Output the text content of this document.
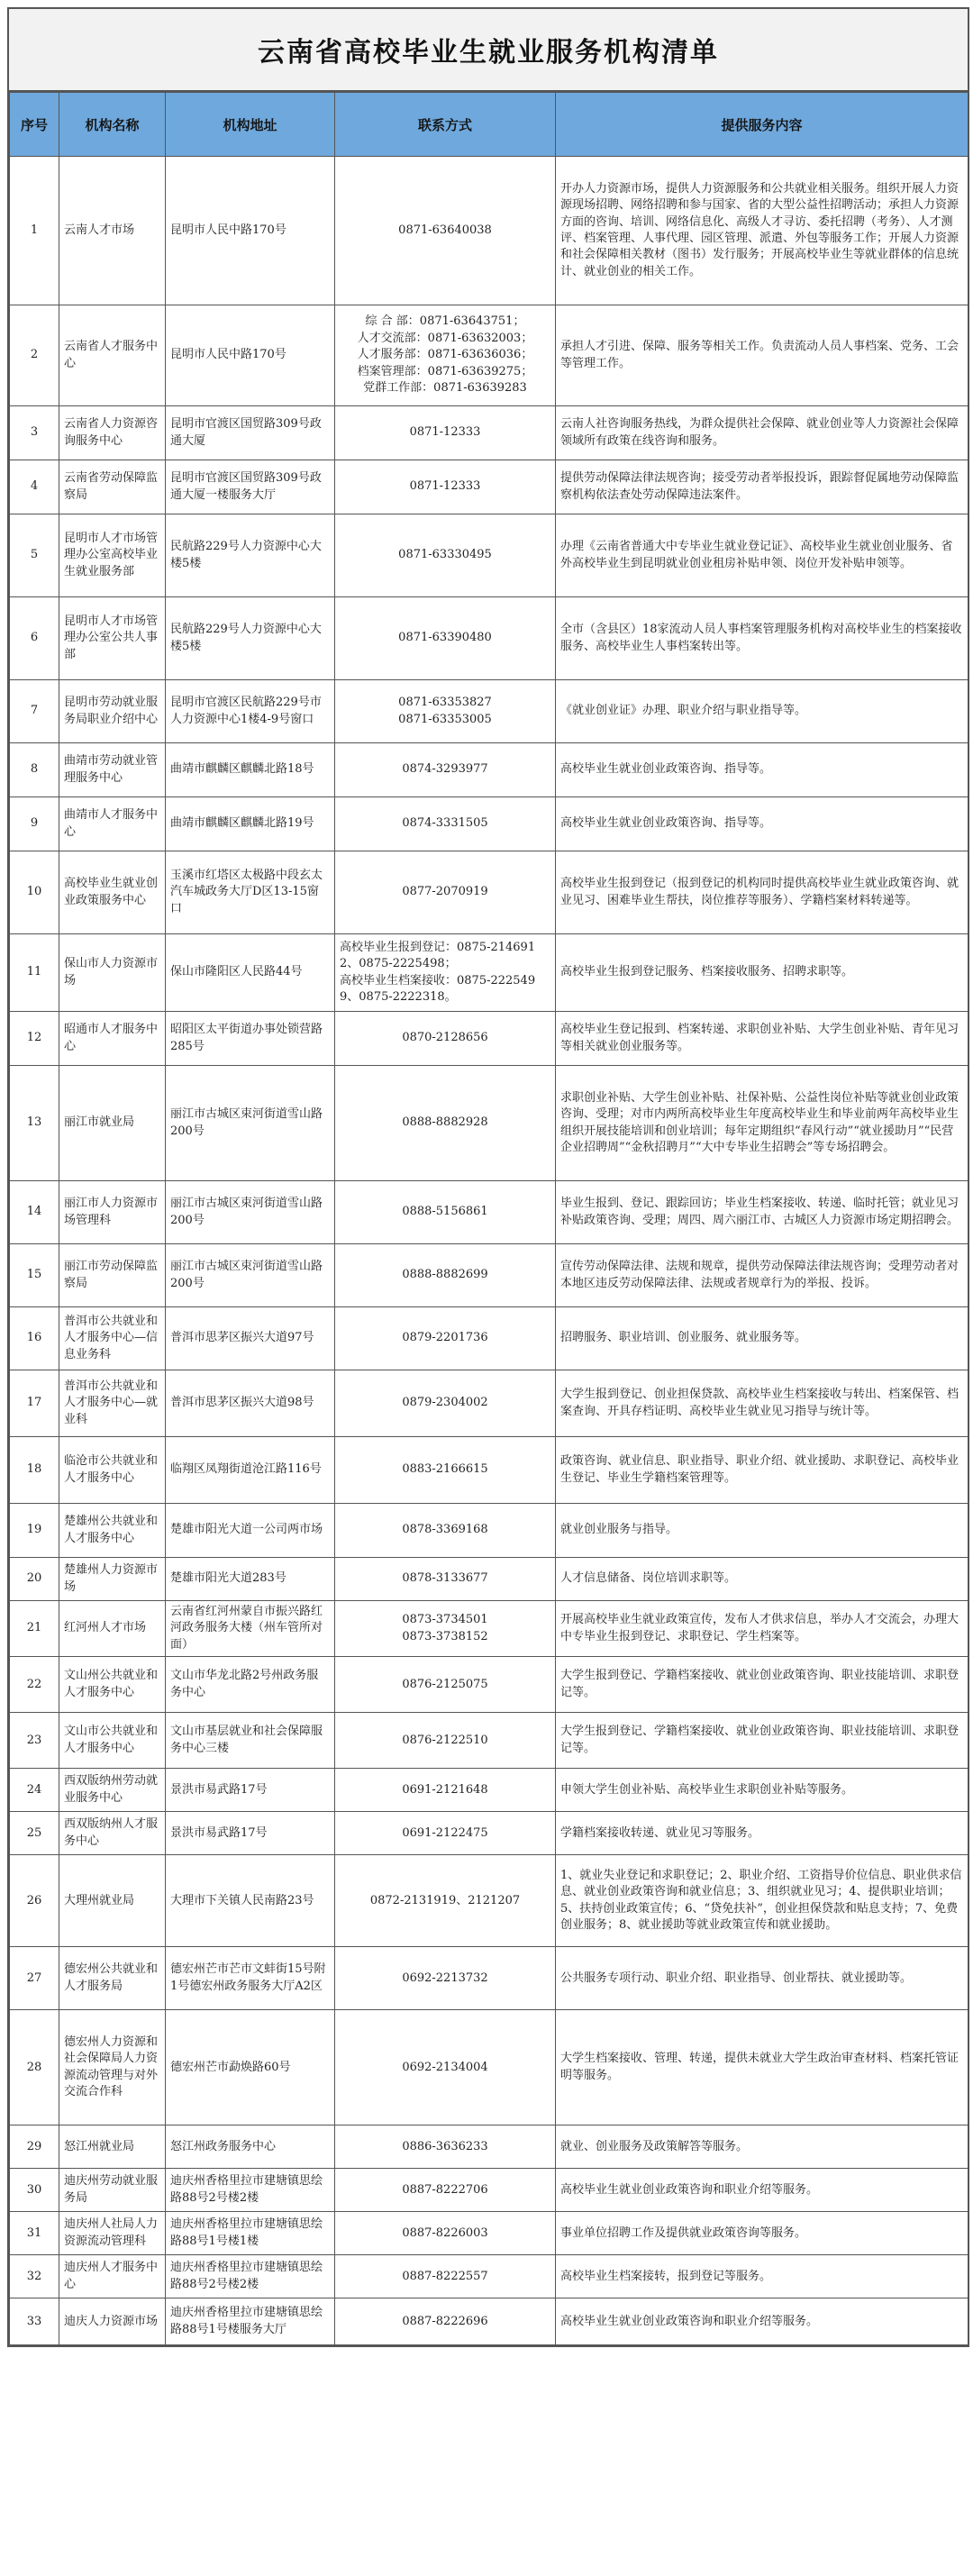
云南省高校毕业生就业服务机构清单
序号	机构名称	机构地址	联系方式	提供服务内容
1	云南人才市场	昆明市人民中路170号	0871-63640038	开办人力资源市场，提供人力资源服务和公共就业相关服务。组织开展人力资源现场招聘、网络招聘和参与国家、省的大型公益性招聘活动；承担人力资源方面的咨询、培训、网络信息化、高级人才寻访、委托招聘（考务）、人才测评、档案管理、人事代理、园区管理、派遣、外包等服务工作；开展人力资源和社会保障相关教材（图书）发行服务；开展高校毕业生等就业群体的信息统计、就业创业的相关工作。
2	云南省人才服务中心	昆明市人民中路170号	综 合 部：0871-63643751；
人才交流部：0871-63632003；
人才服务部：0871-63636036；
档案管理部：0871-63639275；
党群工作部：0871-63639283	承担人才引进、保障、服务等相关工作。负责流动人员人事档案、党务、工会等管理工作。
3	云南省人力资源咨询服务中心	昆明市官渡区国贸路309号政通大厦	0871-12333	云南人社咨询服务热线，为群众提供社会保障、就业创业等人力资源社会保障领域所有政策在线咨询和服务。
4	云南省劳动保障监察局	昆明市官渡区国贸路309号政通大厦一楼服务大厅	0871-12333	提供劳动保障法律法规咨询；接受劳动者举报投诉，跟踪督促属地劳动保障监察机构依法查处劳动保障违法案件。
5	昆明市人才市场管理办公室高校毕业生就业服务部	民航路229号人力资源中心大楼5楼	0871-63330495	办理《云南省普通大中专毕业生就业登记证》、高校毕业生就业创业服务、省外高校毕业生到昆明就业创业租房补贴申领、岗位开发补贴申领等。
6	昆明市人才市场管理办公室公共人事部	民航路229号人力资源中心大楼5楼	0871-63390480	全市（含县区）18家流动人员人事档案管理服务机构对高校毕业生的档案接收服务、高校毕业生人事档案转出等。
7	昆明市劳动就业服务局职业介绍中心	昆明市官渡区民航路229号市人力资源中心1楼4-9号窗口	0871-63353827
0871-63353005	《就业创业证》办理、职业介绍与职业指导等。
8	曲靖市劳动就业管理服务中心	曲靖市麒麟区麒麟北路18号	0874-3293977	高校毕业生就业创业政策咨询、指导等。
9	曲靖市人才服务中心	曲靖市麒麟区麒麟北路19号	0874-3331505	高校毕业生就业创业政策咨询、指导等。
10	高校毕业生就业创业政策服务中心	玉溪市红塔区太极路中段玄太汽车城政务大厅D区13-15窗口	0877-2070919	高校毕业生报到登记（报到登记的机构同时提供高校毕业生就业政策咨询、就业见习、困难毕业生帮扶，岗位推荐等服务）、学籍档案材料转递等。
11	保山市人力资源市场	保山市隆阳区人民路44号	高校毕业生报到登记：0875-2146912、0875-2225498；
高校毕业生档案接收：0875-2225499、0875-2222318。	高校毕业生报到登记服务、档案接收服务、招聘求职等。
12	昭通市人才服务中心	昭阳区太平街道办事处锁营路285号	0870-2128656	高校毕业生登记报到、档案转递、求职创业补贴、大学生创业补贴、青年见习等相关就业创业服务等。
13	丽江市就业局	丽江市古城区束河街道雪山路200号	0888-8882928	求职创业补贴、大学生创业补贴、社保补贴、公益性岗位补贴等就业创业政策咨询、受理；对市内两所高校毕业生年度高校毕业生和毕业前两年高校毕业生组织开展技能培训和创业培训；每年定期组织“春风行动”“就业援助月”“民营企业招聘周”“金秋招聘月”“大中专毕业生招聘会”等专场招聘会。
14	丽江市人力资源市场管理科	丽江市古城区束河街道雪山路200号	0888-5156861	毕业生报到、登记、跟踪回访；毕业生档案接收、转递、临时托管；就业见习补贴政策咨询、受理；周四、周六丽江市、古城区人力资源市场定期招聘会。
15	丽江市劳动保障监察局	丽江市古城区束河街道雪山路200号	0888-8882699	宣传劳动保障法律、法规和规章，提供劳动保障法律法规咨询；受理劳动者对本地区违反劳动保障法律、法规或者规章行为的举报、投诉。
16	普洱市公共就业和人才服务中心—信息业务科	普洱市思茅区振兴大道97号	0879-2201736	招聘服务、职业培训、创业服务、就业服务等。
17	普洱市公共就业和人才服务中心—就业科	普洱市思茅区振兴大道98号	0879-2304002	大学生报到登记、创业担保贷款、高校毕业生档案接收与转出、档案保管、档案查询、开具存档证明、高校毕业生就业见习指导与统计等。
18	临沧市公共就业和人才服务中心	临翔区凤翔街道沧江路116号	0883-2166615	政策咨询、就业信息、职业指导、职业介绍、就业援助、求职登记、高校毕业生登记、毕业生学籍档案管理等。
19	楚雄州公共就业和人才服务中心	楚雄市阳光大道一公司两市场	0878-3369168	就业创业服务与指导。
20	楚雄州人力资源市场	楚雄市阳光大道283号	0878-3133677	人才信息储备、岗位培训求职等。
21	红河州人才市场	云南省红河州蒙自市振兴路红河政务服务大楼（州车管所对面）	0873-3734501
0873-3738152	开展高校毕业生就业政策宣传，发布人才供求信息，举办人才交流会，办理大中专毕业生报到登记、求职登记、学生档案等。
22	文山州公共就业和人才服务中心	文山市华龙北路2号州政务服务中心	0876-2125075	大学生报到登记、学籍档案接收、就业创业政策咨询、职业技能培训、求职登记等。
23	文山市公共就业和人才服务中心	文山市基层就业和社会保障服务中心三楼	0876-2122510	大学生报到登记、学籍档案接收、就业创业政策咨询、职业技能培训、求职登记等。
24	西双版纳州劳动就业服务中心	景洪市易武路17号	0691-2121648	申领大学生创业补贴、高校毕业生求职创业补贴等服务。
25	西双版纳州人才服务中心	景洪市易武路17号	0691-2122475	学籍档案接收转递、就业见习等服务。
26	大理州就业局	大理市下关镇人民南路23号	0872-2131919、2121207	1、就业失业登记和求职登记；2、职业介绍、工资指导价位信息、职业供求信息、就业创业政策咨询和就业信息；3、组织就业见习；4、提供职业培训；5、扶持创业政策宣传；6、“贷免扶补”，创业担保贷款和贴息支持；7、免费创业服务；8、就业援助等就业政策宣传和就业援助。
27	德宏州公共就业和人才服务局	德宏州芒市芒市文蚌街15号附1号德宏州政务服务大厅A2区	0692-2213732	公共服务专项行动、职业介绍、职业指导、创业帮扶、就业援助等。
28	德宏州人力资源和社会保障局人力资源流动管理与对外交流合作科	德宏州芒市勐焕路60号	0692-2134004	大学生档案接收、管理、转递，提供未就业大学生政治审查材料、档案托管证明等服务。
29	怒江州就业局	怒江州政务服务中心	0886-3636233	就业、创业服务及政策解答等服务。
30	迪庆州劳动就业服务局	迪庆州香格里拉市建塘镇思绘路88号2号楼2楼	0887-8222706	高校毕业生就业创业政策咨询和职业介绍等服务。
31	迪庆州人社局人力资源流动管理科	迪庆州香格里拉市建塘镇思绘路88号1号楼1楼	0887-8226003	事业单位招聘工作及提供就业政策咨询等服务。
32	迪庆州人才服务中心	迪庆州香格里拉市建塘镇思绘路88号2号楼2楼	0887-8222557	高校毕业生档案接转，报到登记等服务。
33	迪庆人力资源市场	迪庆州香格里拉市建塘镇思绘路88号1号楼服务大厅	0887-8222696	高校毕业生就业创业政策咨询和职业介绍等服务。
